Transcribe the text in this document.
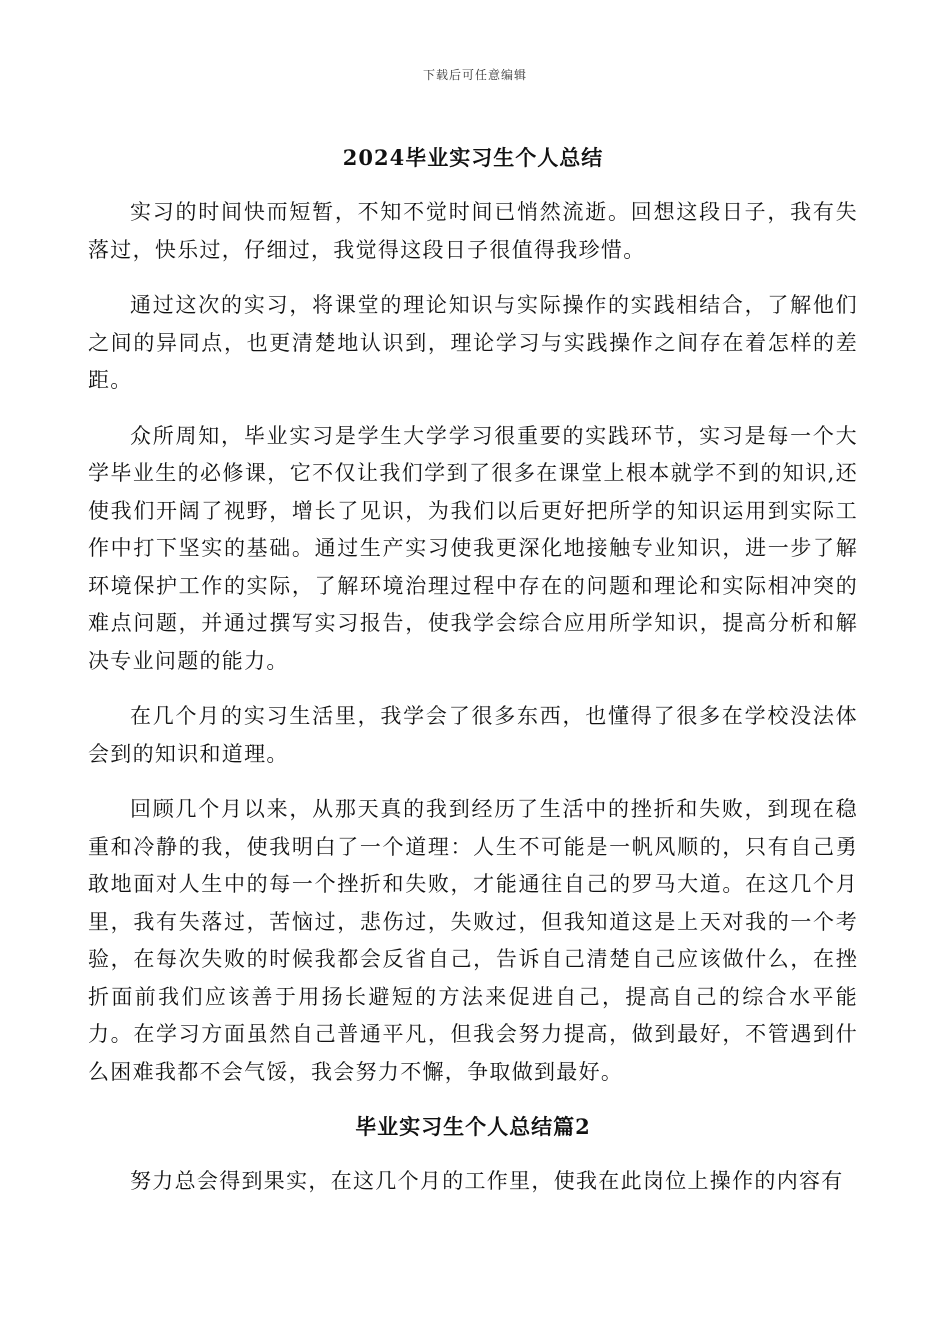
下载后可任意编辑
2024毕业实习生个人总结

实习的时间快而短暂，不知不觉时间已悄然流逝。回想这段日子，我有失落过，快乐过，仔细过，我觉得这段日子很值得我珍惜。

通过这次的实习，将课堂的理论知识与实际操作的实践相结合，了解他们之间的异同点，也更清楚地认识到，理论学习与实践操作之间存在着怎样的差距。

众所周知，毕业实习是学生大学学习很重要的实践环节，实习是每一个大学毕业生的必修课，它不仅让我们学到了很多在课堂上根本就学不到的知识,还使我们开阔了视野，增长了见识，为我们以后更好把所学的知识运用到实际工作中打下坚实的基础。通过生产实习使我更深化地接触专业知识，进一步了解环境保护工作的实际，了解环境治理过程中存在的问题和理论和实际相冲突的难点问题，并通过撰写实习报告，使我学会综合应用所学知识，提高分析和解决专业问题的能力。

在几个月的实习生活里，我学会了很多东西，也懂得了很多在学校没法体会到的知识和道理。

回顾几个月以来，从那天真的我到经历了生活中的挫折和失败，到现在稳重和冷静的我，使我明白了一个道理：人生不可能是一帆风顺的，只有自己勇敢地面对人生中的每一个挫折和失败，才能通往自己的罗马大道。在这几个月里，我有失落过，苦恼过，悲伤过，失败过，但我知道这是上天对我的一个考验，在每次失败的时候我都会反省自己，告诉自己清楚自己应该做什么，在挫折面前我们应该善于用扬长避短的方法来促进自己，提高自己的综合水平能力。在学习方面虽然自己普通平凡，但我会努力提高，做到最好，不管遇到什么困难我都不会气馁，我会努力不懈，争取做到最好。

毕业实习生个人总结篇2

努力总会得到果实，在这几个月的工作里，使我在此岗位上操作的内容有
